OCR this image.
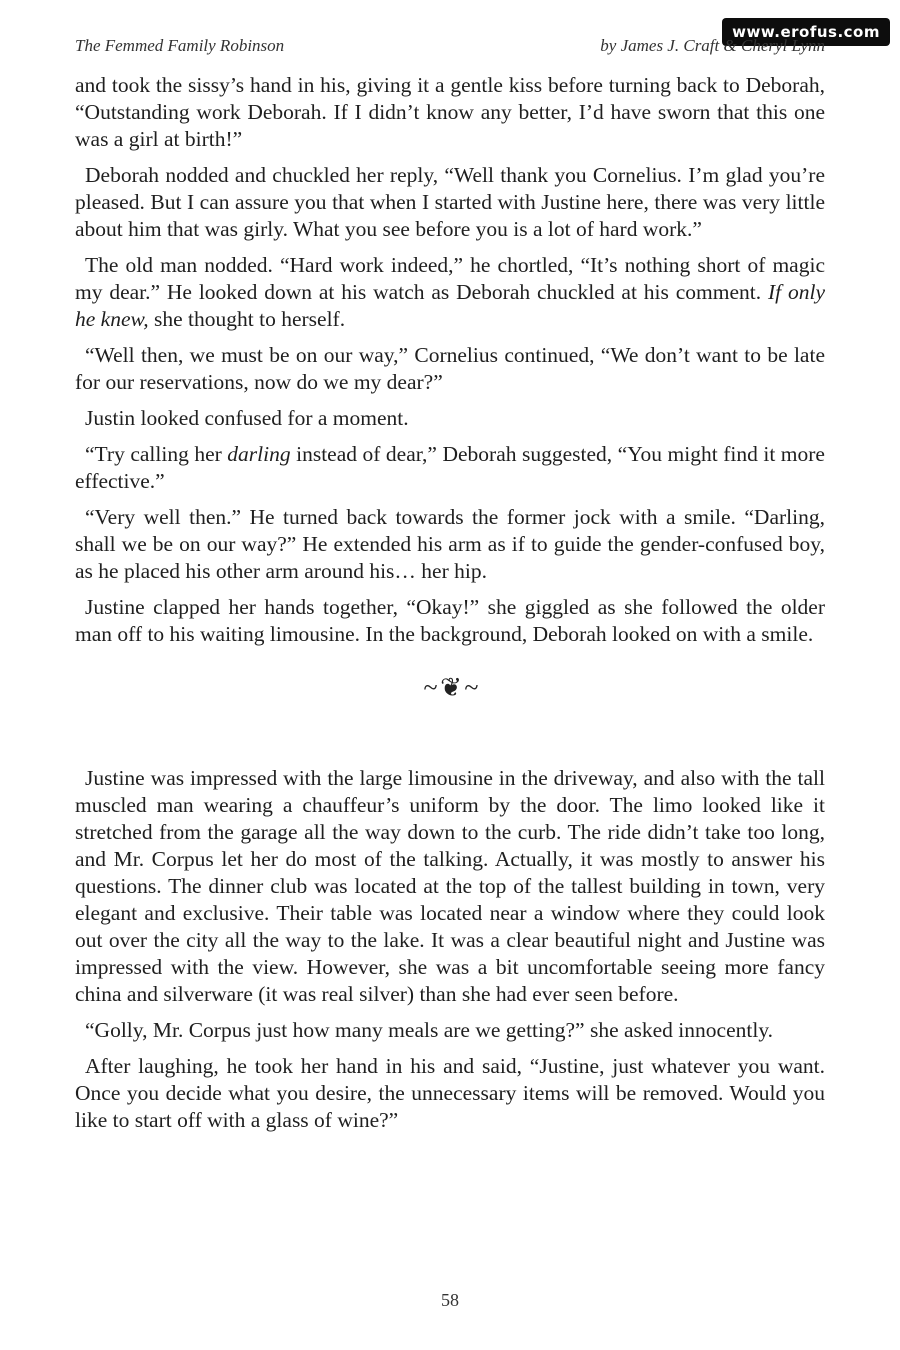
www.erofus.com
The Femmed Family Robinson	by James J. Craft & Cheryl Lynn

and took the sissy’s hand in his, giving it a gentle kiss before turning back to Deborah, “Outstanding work Deborah. If I didn’t know any better, I’d have sworn that this one was a girl at birth!”

Deborah nodded and chuckled her reply, “Well thank you Cornelius. I’m glad you’re pleased. But I can assure you that when I started with Justine here, there was very little about him that was girly. What you see before you is a lot of hard work.”

The old man nodded. “Hard work indeed,” he chortled, “It’s nothing short of magic my dear.” He looked down at his watch as Deborah chuckled at his comment. If only he knew, she thought to herself.

“Well then, we must be on our way,” Cornelius continued, “We don’t want to be late for our reservations, now do we my dear?”

Justin looked confused for a moment.

“Try calling her darling instead of dear,” Deborah suggested, “You might find it more effective.”

“Very well then.” He turned back towards the former jock with a smile. “Darling, shall we be on our way?” He extended his arm as if to guide the gender-confused boy, as he placed his other arm around his… her hip.

Justine clapped her hands together, “Okay!” she giggled as she followed the older man off to his waiting limousine. In the background, Deborah looked on with a smile.

~ ❦ ~

Justine was impressed with the large limousine in the driveway, and also with the tall muscled man wearing a chauffeur’s uniform by the door. The limo looked like it stretched from the garage all the way down to the curb. The ride didn’t take too long, and Mr. Corpus let her do most of the talking. Actually, it was mostly to answer his questions. The dinner club was located at the top of the tallest building in town, very elegant and exclusive. Their table was located near a window where they could look out over the city all the way to the lake. It was a clear beautiful night and Justine was impressed with the view. However, she was a bit uncomfortable seeing more fancy china and silverware (it was real silver) than she had ever seen before.

“Golly, Mr. Corpus just how many meals are we getting?” she asked innocently.

After laughing, he took her hand in his and said, “Justine, just whatever you want. Once you decide what you desire, the unnecessary items will be removed. Would you like to start off with a glass of wine?”

58
